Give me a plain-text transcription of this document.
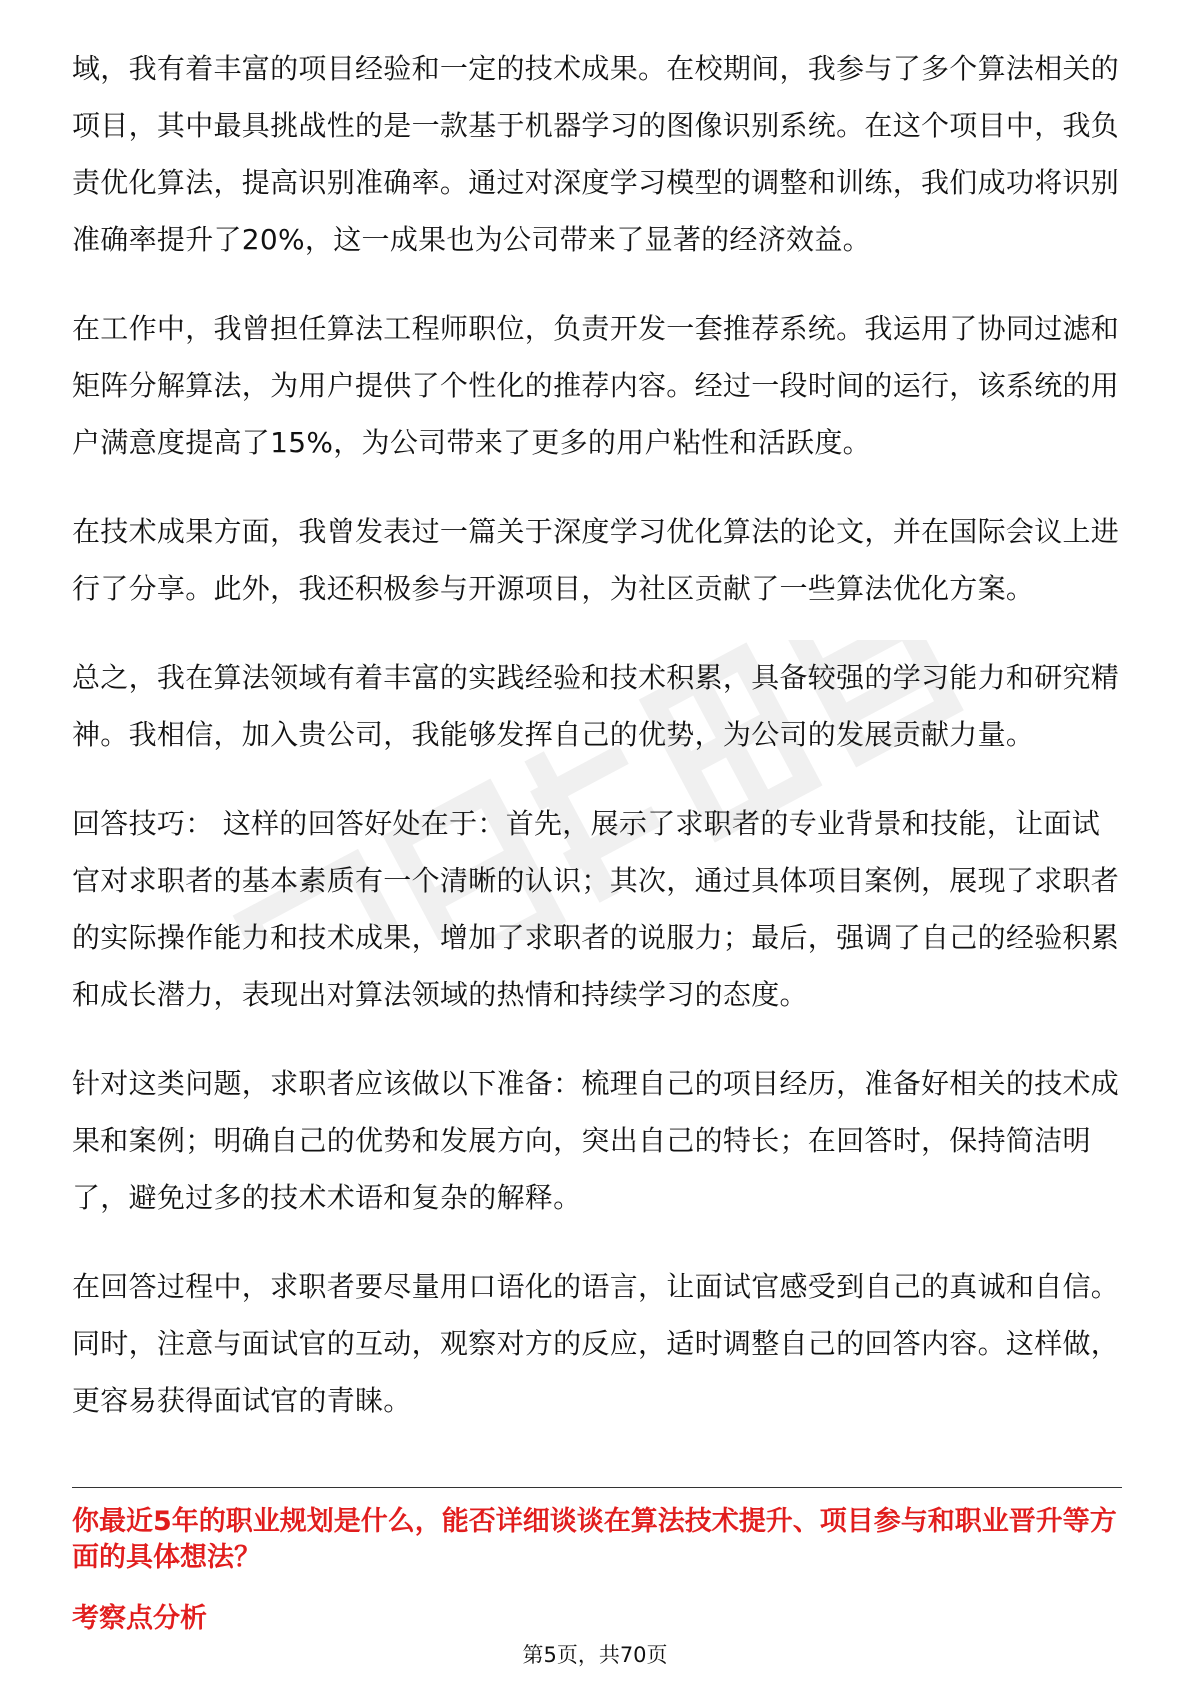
域，我有着丰富的项目经验和一定的技术成果。在校期间，我参与了多个算法相关的项目，其中最具挑战性的是一款基于机器学习的图像识别系统。在这个项目中，我负责优化算法，提高识别准确率。通过对深度学习模型的调整和训练，我们成功将识别准确率提升了20%，这一成果也为公司带来了显著的经济效益。

在工作中，我曾担任算法工程师职位，负责开发一套推荐系统。我运用了协同过滤和矩阵分解算法，为用户提供了个性化的推荐内容。经过一段时间的运行，该系统的用户满意度提高了15%，为公司带来了更多的用户粘性和活跃度。

在技术成果方面，我曾发表过一篇关于深度学习优化算法的论文，并在国际会议上进行了分享。此外，我还积极参与开源项目，为社区贡献了一些算法优化方案。

总之，我在算法领域有着丰富的实践经验和技术积累，具备较强的学习能力和研究精神。我相信，加入贵公司，我能够发挥自己的优势，为公司的发展贡献力量。

回答技巧： 这样的回答好处在于：首先，展示了求职者的专业背景和技能，让面试官对求职者的基本素质有一个清晰的认识；其次，通过具体项目案例，展现了求职者的实际操作能力和技术成果，增加了求职者的说服力；最后，强调了自己的经验积累和成长潜力，表现出对算法领域的热情和持续学习的态度。

针对这类问题，求职者应该做以下准备：梳理自己的项目经历，准备好相关的技术成果和案例；明确自己的优势和发展方向，突出自己的特长；在回答时，保持简洁明了，避免过多的技术术语和复杂的解释。

在回答过程中，求职者要尽量用口语化的语言，让面试官感受到自己的真诚和自信。同时，注意与面试官的互动，观察对方的反应，适时调整自己的回答内容。这样做，更容易获得面试官的青睐。

你最近5年的职业规划是什么，能否详细谈谈在算法技术提升、项目参与和职业晋升等方面的具体想法？
考察点分析
第5页，共70页
